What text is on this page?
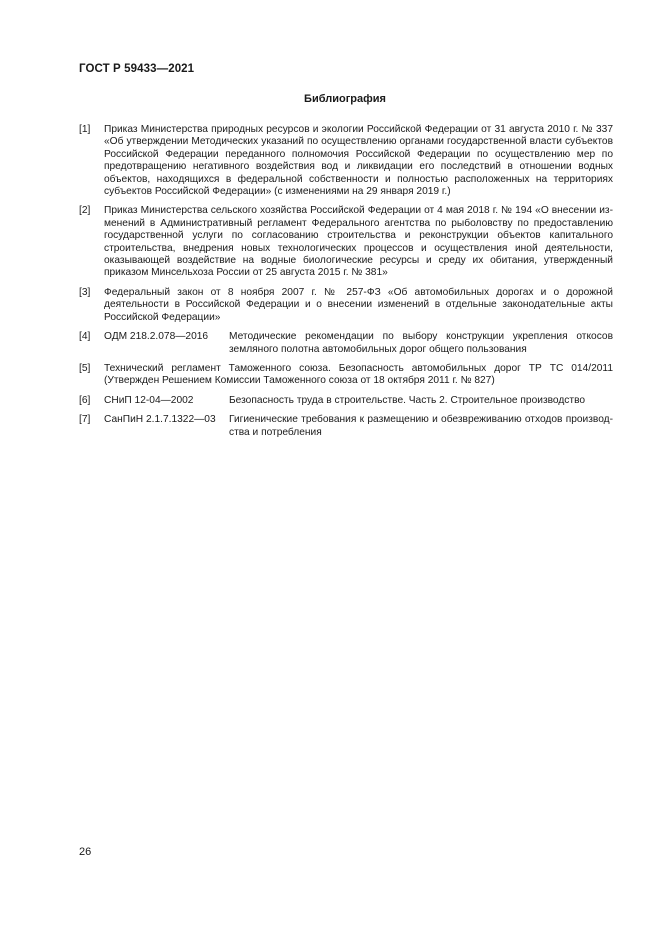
ГОСТ Р 59433—2021
Библиография
[1]	Приказ Министерства природных ресурсов и экологии Российской Федерации от 31 августа 2010 г. № 337 «Об утверждении Методических указаний по осуществлению органами государственной власти субъектов Российской Федерации переданного полномочия Российской Федерации по осуществлению мер по предотвращению негативного воздействия вод и ликвидации его последствий в отношении водных объектов, находящихся в федеральной собственности и полностью расположенных на территориях субъектов Российской Федерации» (с изменениями на 29 января 2019 г.)
[2]	Приказ Министерства сельского хозяйства Российской Федерации от 4 мая 2018 г. № 194 «О внесении изменений в Административный регламент Федерального агентства по рыболовству по предоставлению государственной услуги по согласованию строительства и реконструкции объектов капитального строительства, внедрения новых технологических процессов и осуществления иной деятельности, оказывающей воздействие на водные биологические ресурсы и среду их обитания, утвержденный приказом Минсельхоза России от 25 августа 2015 г. № 381»
[3]	Федеральный закон от 8 ноября 2007 г. № 257-ФЗ «Об автомобильных дорогах и о дорожной деятельности в Российской Федерации и о внесении изменений в отдельные законодательные акты Российской Федерации»
[4]	ОДМ 218.2.078—2016	Методические рекомендации по выбору конструкции укрепления откосов земляного полотна автомобильных дорог общего пользования
[5]	Технический регламент Таможенного союза. Безопасность автомобильных дорог ТР ТС 014/2011 (Утвержден Решением Комиссии Таможенного союза от 18 октября 2011 г. № 827)
[6]	СНиП 12-04—2002	Безопасность труда в строительстве. Часть 2. Строительное производство
[7]	СанПиН 2.1.7.1322—03	Гигиенические требования к размещению и обезвреживанию отходов производства и потребления
26
